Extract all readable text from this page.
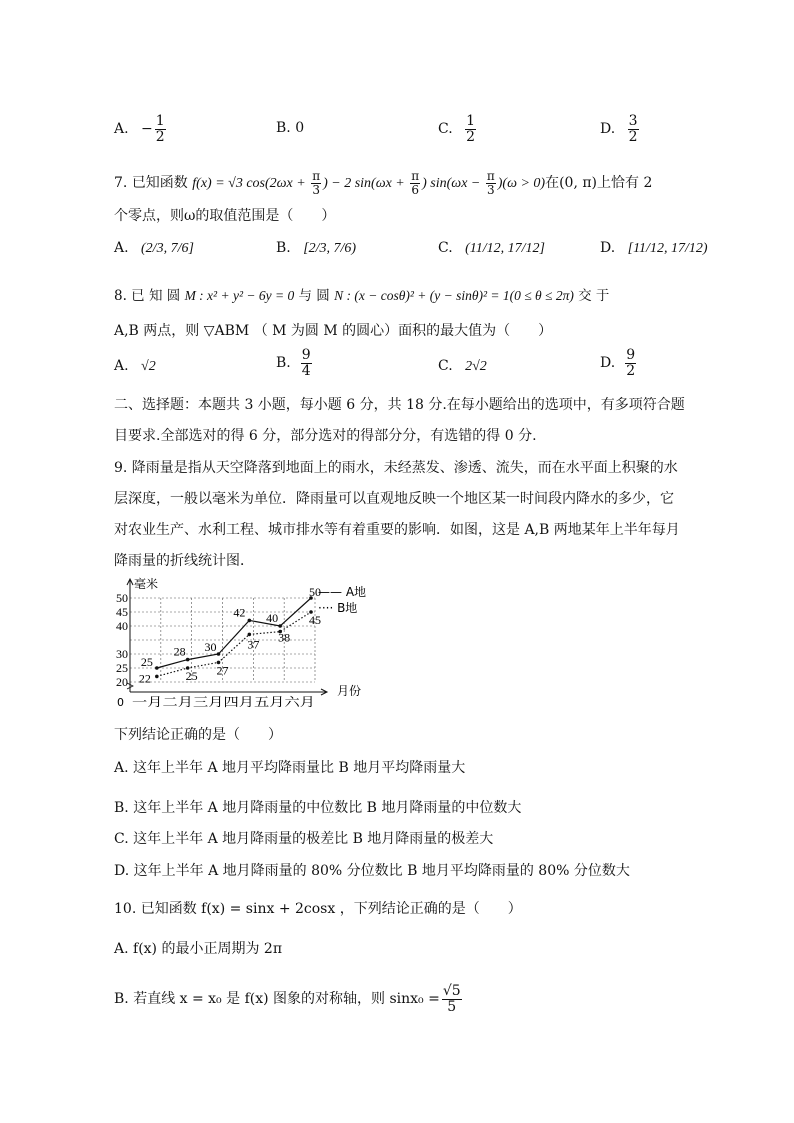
A. − $\frac{1}{2}$	B. 0	C. $\frac{1}{2}$	D. $\frac{3}{2}$
7. 已知函数 f(x) = √3 $\cos(2\omega x + \frac{\pi}{3}$ ) − 2 $\sin(\omega x + \frac{\pi}{6}$ ) $\sin(\omega x - \frac{\pi}{3} )(\omega > 0)$在(0, π)上恰有 2
个零点，则ω的取值范围是（　　）
A. (2/3, 7/6]	B. [2/3, 7/6)	C. (11/12, 17/12]	D. [11/12, 17/12)
8. 已 知 圆 M : x² + y² − 6y = 0 与 圆 N : (x − cosθ)² + (y − sinθ)² = 1(0 ≤ θ ≤ 2π) 交 于
A,B 两点，则 ▽ABM （ M 为圆 M 的圆心）面积的最大值为（　　）
A. √2	B. $\frac{9}{4}$	C. 2√2	D. $\frac{9}{2}$
二、选择题：本题共 3 小题，每小题 6 分，共 18 分.在每小题给出的选项中，有多项符合题
目要求.全部选对的得 6 分，部分选对的得部分分，有选错的得 0 分.
9. 降雨量是指从天空降落到地面上的雨水，未经蒸发、渗透、流失，而在水平面上积聚的水
层深度，一般以毫米为单位．降雨量可以直观地反映一个地区某一时间段内降水的多少，它
对农业生产、水利工程、城市排水等有着重要的影响．如图，这是 A,B 两地某年上半年每月
降雨量的折线统计图．
毫米
月份
0
20
25
30
40
45
50
一月二月三月四月五月六月
25
28 30
42 40
50
22	25 27
37 38
45
—— A地
···· B地
下列结论正确的是（　　）
A. 这年上半年 A 地月平均降雨量比 B 地月平均降雨量大
B. 这年上半年 A 地月降雨量的中位数比 B 地月降雨量的中位数大
C. 这年上半年 A 地月降雨量的极差比 B 地月降雨量的极差大
D. 这年上半年 A 地月降雨量的 80% 分位数比 B 地月平均降雨量的 80% 分位数大
10. 已知函数 f(x) = sinx + 2cosx ，下列结论正确的是（　　）
A. f(x) 的最小正周期为 2π
B. 若直线 x = x₀ 是 f(x) 图象的对称轴，则 $\sin x_0 = \frac{√5}{5}$
